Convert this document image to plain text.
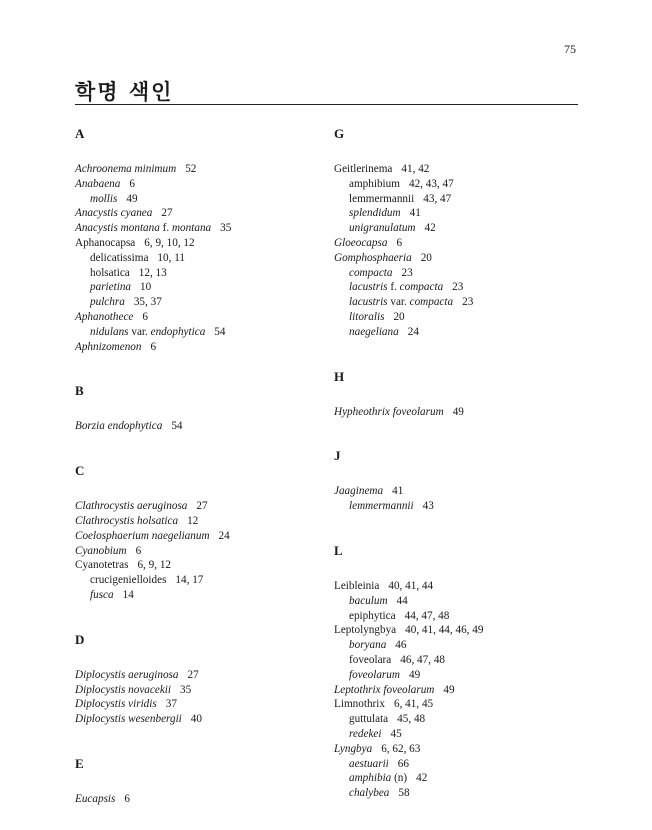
75
학명 색인
A
Achroonema minimum 52
Anabaena 6
mollis 49
Anacystis cyanea 27
Anacystis montana f. montana 35
Aphanocapsa 6, 9, 10, 12
delicatissima 10, 11
holsatica 12, 13
parietina 10
pulchra 35, 37
Aphanothece 6
nidulans var. endophytica 54
Aphnizomenon 6
B
Borzia endophytica 54
C
Clathrocystis aeruginosa 27
Clathrocystis holsatica 12
Coelosphaerium naegelianum 24
Cyanobium 6
Cyanotetras 6, 9, 12
crucigenielloides 14, 17
fusca 14
D
Diplocystis aeruginosa 27
Diplocystis novacekii 35
Diplocystis viridis 37
Diplocystis wesenbergii 40
E
Eucapsis 6
G
Geitlerinema 41, 42
amphibium 42, 43, 47
lemmermannii 43, 47
splendidum 41
unigranulatum 42
Gloeocapsa 6
Gomphosphaeria 20
compacta 23
lacustris f. compacta 23
lacustris var. compacta 23
litoralis 20
naegeliana 24
H
Hypheothrix foveolarum 49
J
Jaaginema 41
lemmermannii 43
L
Leibleinia 40, 41, 44
baculum 44
epiphytica 44, 47, 48
Leptolyngbya 40, 41, 44, 46, 49
boryana 46
foveolara 46, 47, 48
foveolarum 49
Leptothrix foveolarum 49
Limnothrix 6, 41, 45
guttulata 45, 48
redekei 45
Lyngbya 6, 62, 63
aestuarii 66
amphibia (n) 42
chalybea 58
